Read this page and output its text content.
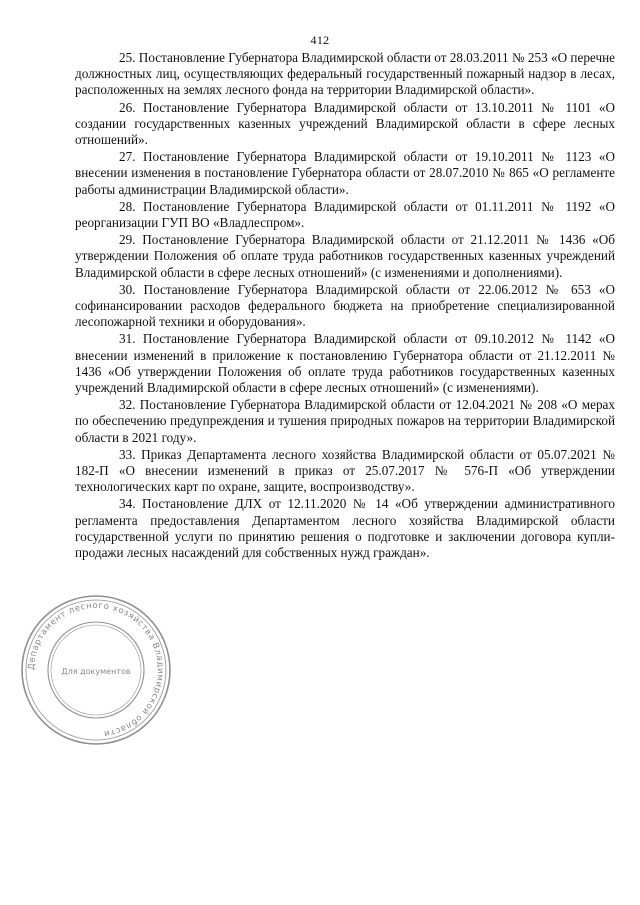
412

25. Постановление Губернатора Владимирской области от 28.03.2011 № 253 «О перечне должностных лиц, осуществляющих федеральный государственный пожарный надзор в лесах, расположенных на землях лесного фонда на территории Владимирской области».

26. Постановление Губернатора Владимирской области от 13.10.2011 № 1101 «О создании государственных казенных учреждений Владимирской области в сфере лесных отношений».

27. Постановление Губернатора Владимирской области от 19.10.2011 № 1123 «О внесении изменения в постановление Губернатора области от 28.07.2010 № 865 «О регламенте работы администрации Владимирской области».

28. Постановление Губернатора Владимирской области от 01.11.2011 № 1192 «О реорганизации ГУП ВО «Владлеспром».

29. Постановление Губернатора Владимирской области от 21.12.2011 № 1436 «Об утверждении Положения об оплате труда работников государственных казенных учреждений Владимирской области в сфере лесных отношений» (с изменениями и дополнениями).

30. Постановление Губернатора Владимирской области от 22.06.2012 № 653 «О софинансировании расходов федерального бюджета на приобретение специализированной лесопожарной техники и оборудования».

31. Постановление Губернатора Владимирской области от 09.10.2012 № 1142 «О внесении изменений в приложение к постановлению Губернатора области от 21.12.2011 № 1436 «Об утверждении Положения об оплате труда работников государственных казенных учреждений Владимирской области в сфере лесных отношений» (с изменениями).

32. Постановление Губернатора Владимирской области от 12.04.2021 № 208 «О мерах по обеспечению предупреждения и тушения природных пожаров на территории Владимирской области в 2021 году».

33. Приказ Департамента лесного хозяйства Владимирской области от 05.07.2021 № 182-П «О внесении изменений в приказ от 25.07.2017 № 576-П «Об утверждении технологических карт по охране, защите, воспроизводству».

34. Постановление ДЛХ от 12.11.2020 № 14 «Об утверждении административного регламента предоставления Департаментом лесного хозяйства Владимирской области государственной услуги по принятию решения о подготовке и заключении договора купли-продажи лесных насаждений для собственных нужд граждан».

Департамент лесного хозяйства Владимирской области
Для документов
